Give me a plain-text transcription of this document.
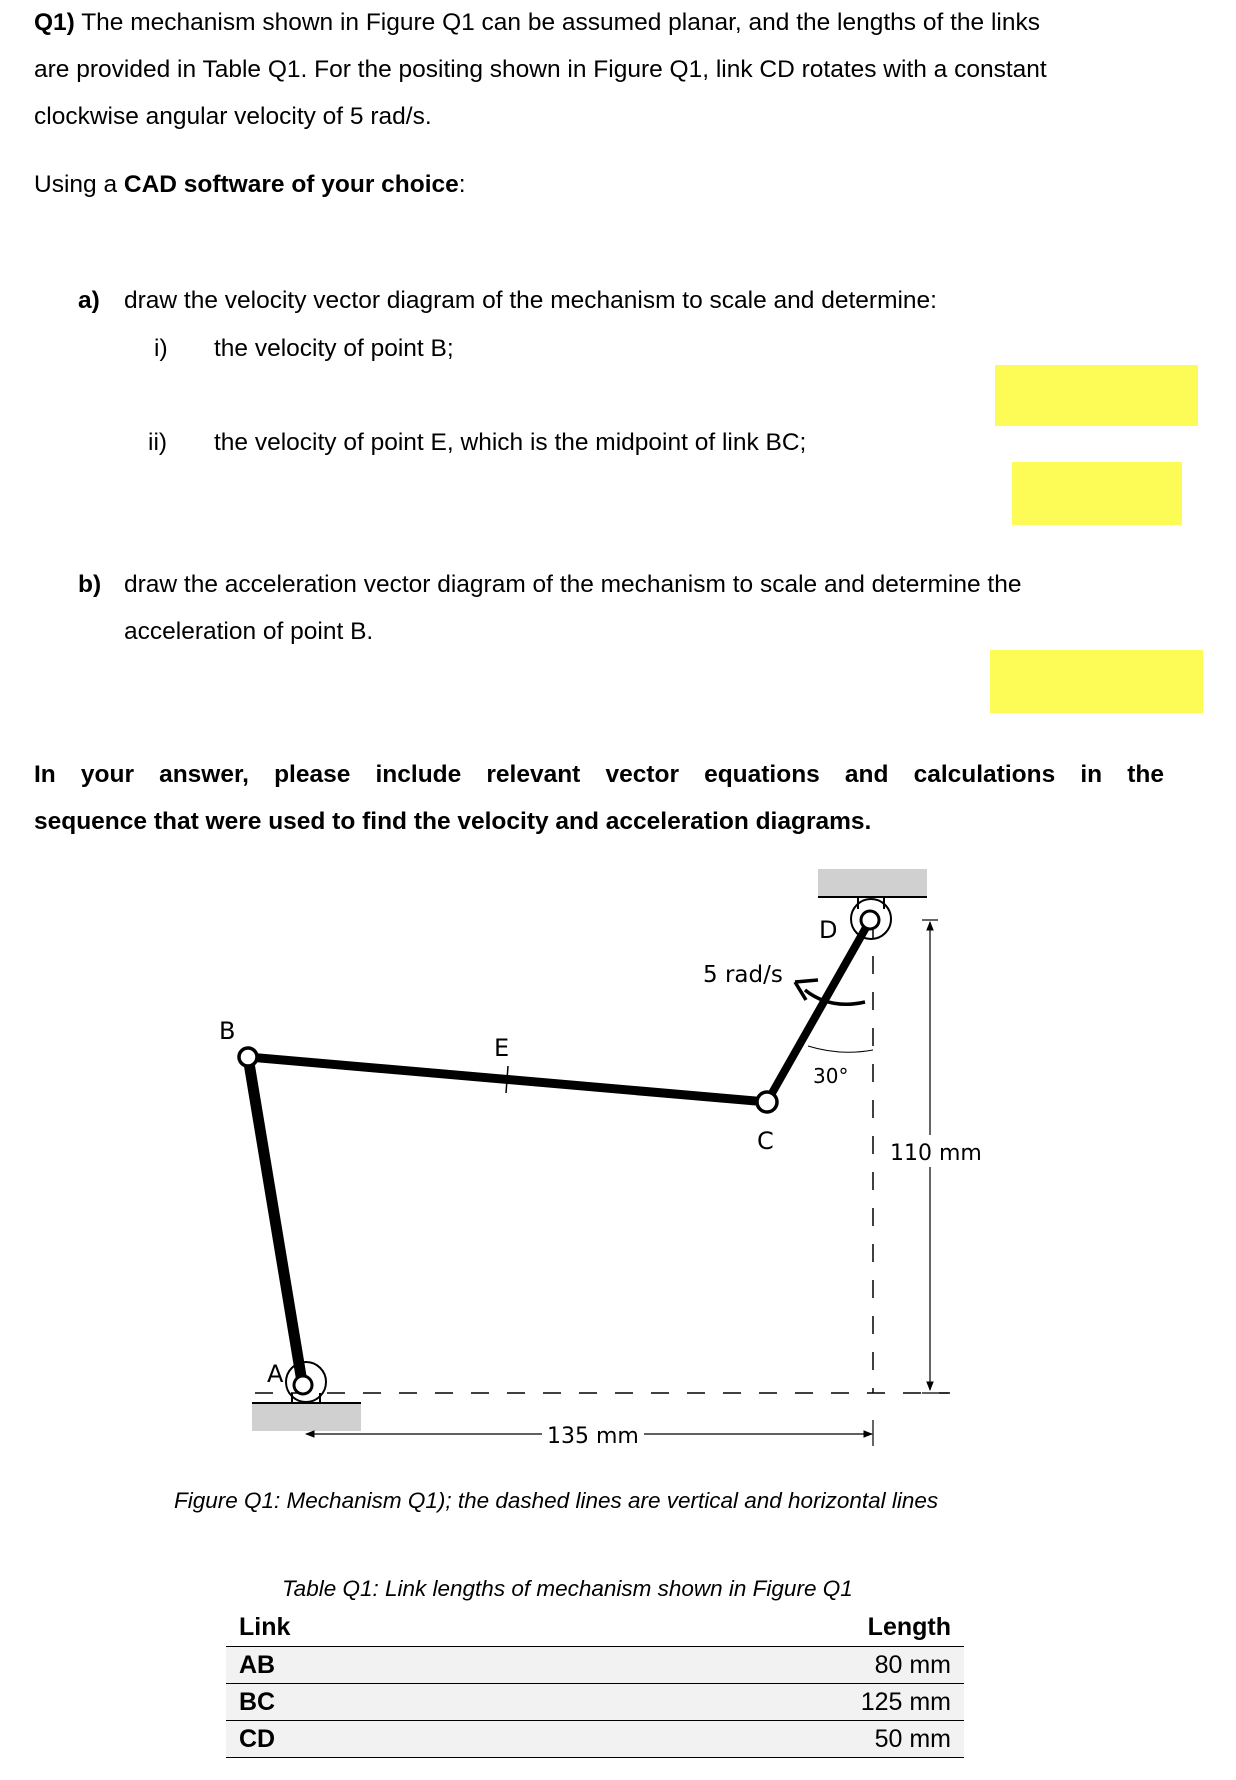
Q1) The mechanism shown in Figure Q1 can be assumed planar, and the lengths of the links
are provided in Table Q1. For the positing shown in Figure Q1, link CD rotates with a constant
clockwise angular velocity of 5 rad/s.
Using a CAD software of your choice:
a) draw the velocity vector diagram of the mechanism to scale and determine:
i) the velocity of point B;
ii) the velocity of point E, which is the midpoint of link BC;
b) draw the acceleration vector diagram of the mechanism to scale and determine the
acceleration of point B.
In your answer, please include relevant vector equations and calculations in the
sequence that were used to find the velocity and acceleration diagrams.
B
E
C
D
A
5 rad/s
30°
110 mm
135 mm
Figure Q1: Mechanism Q1); the dashed lines are vertical and horizontal lines
Table Q1: Link lengths of mechanism shown in Figure Q1
Link	Length
AB	80 mm
BC	125 mm
CD	50 mm
